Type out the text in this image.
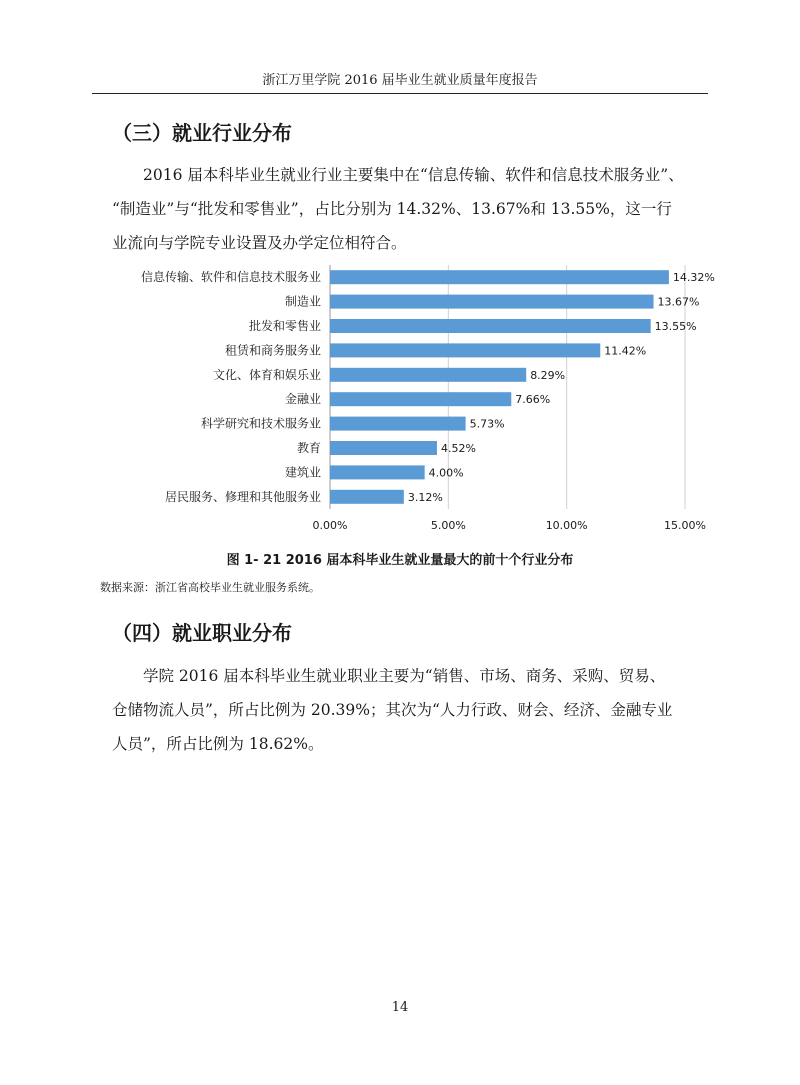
浙江万里学院 2016 届毕业生就业质量年度报告
（三）就业行业分布

2016 届本科毕业生就业行业主要集中在“信息传输、软件和信息技术服务业”、
“制造业”与“批发和零售业”，占比分别为 14.32%、13.67%和 13.55%，这一行
业流向与学院专业设置及办学定位相符合。

信息传输、软件和信息技术服务业
制造业
批发和零售业
租赁和商务服务业
文化、体育和娱乐业
金融业
科学研究和技术服务业
教育
建筑业
居民服务、修理和其他服务业
14.32%
13.67%
13.55%
11.42%
8.29%
7.66%
5.73%
4.52%
4.00%
3.12%
0.00%	5.00%	10.00%	15.00%
图 1- 21 2016 届本科毕业生就业量最大的前十个行业分布
数据来源：浙江省高校毕业生就业服务系统。
（四）就业职业分布

学院 2016 届本科毕业生就业职业主要为“销售、市场、商务、采购、贸易、
仓储物流人员”，所占比例为 20.39%；其次为“人力行政、财会、经济、金融专业
人员”，所占比例为 18.62%。

14
